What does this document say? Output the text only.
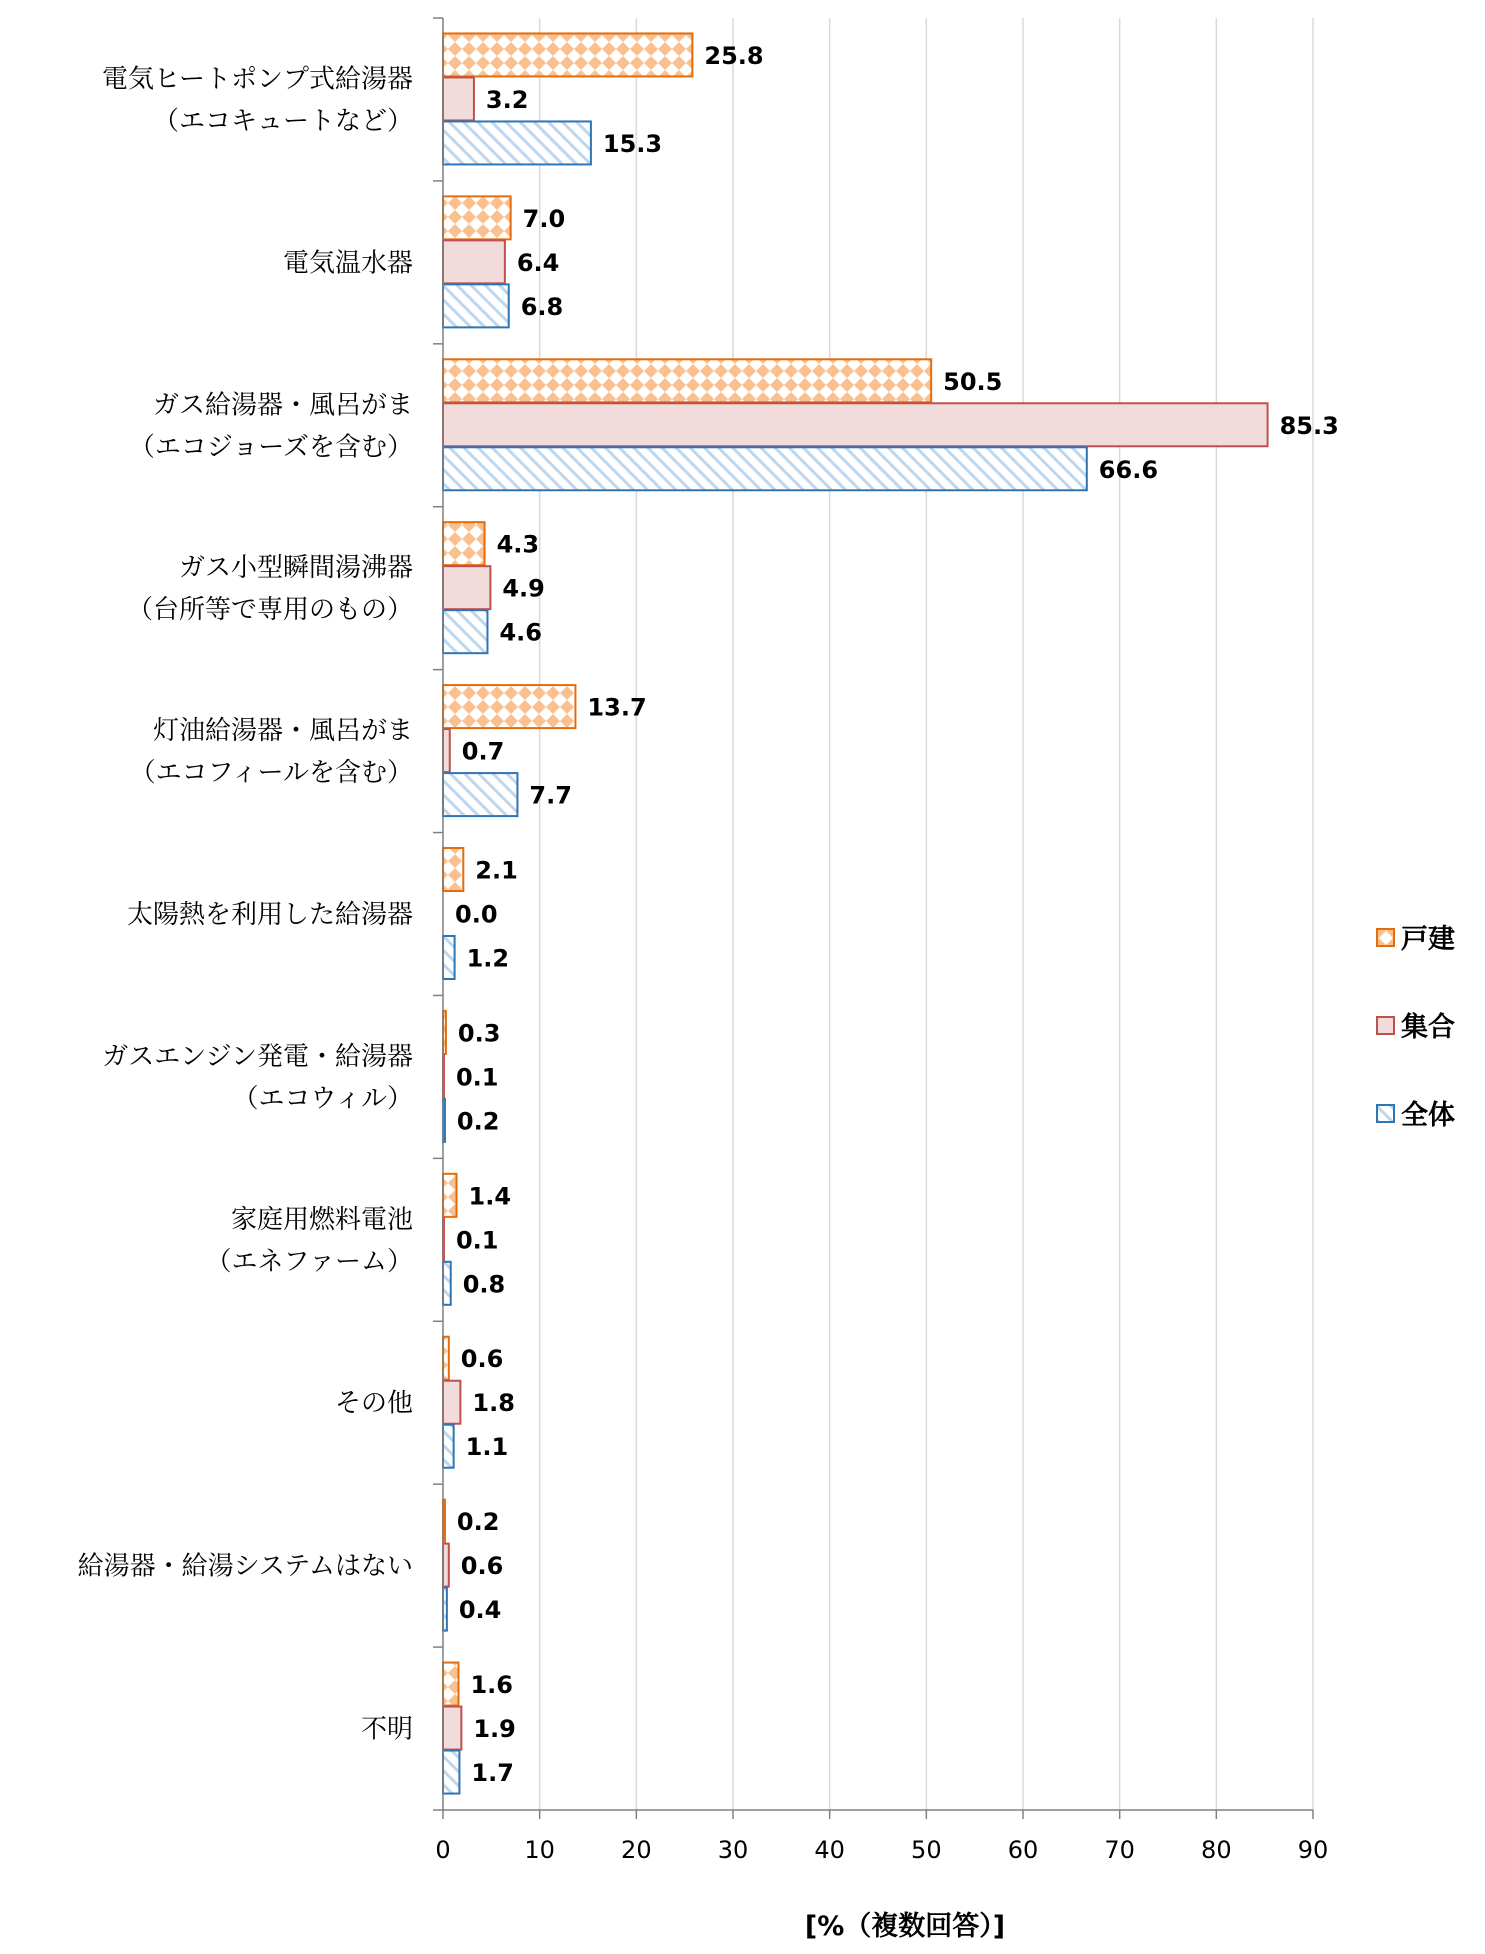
25.8
3.2
15.3
電気ヒートポンプ式給湯器
（エコキュートなど）
7.0
6.4
6.8
電気温水器
50.5
85.3
66.6
ガス給湯器・風呂がま
（エコジョーズを含む）
4.3
4.9
4.6
ガス小型瞬間湯沸器
（台所等で専用のもの）
13.7
0.7
7.7
灯油給湯器・風呂がま
（エコフィールを含む）
2.1
0.0
1.2
太陽熱を利用した給湯器
0.3
0.1
0.2
ガスエンジン発電・給湯器
（エコウィル）
1.4
0.1
0.8
家庭用燃料電池
（エネファーム）
0.6
1.8
1.1
その他
0.2
0.6
0.4
給湯器・給湯システムはない
1.6
1.9
1.7
不明
0	10	20	30	40	50	60	70	80	90
[%（複数回答）]
戸建
集合
全体
